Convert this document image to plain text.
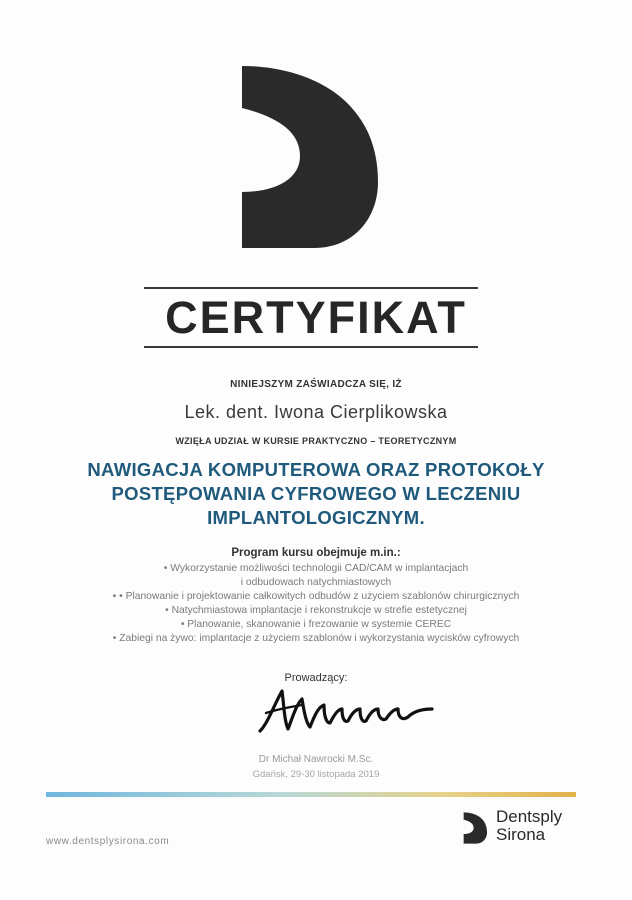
CERTYFIKAT
NINIEJSZYM ZAŚWIADCZA SIĘ, IŻ
Lek. dent. Iwona Cierplikowska
WZIĘŁA UDZIAŁ W KURSIE PRAKTYCZNO – TEORETYCZNYM
NAWIGACJA KOMPUTEROWA ORAZ PROTOKOŁY
POSTĘPOWANIA CYFROWEGO W LECZENIU
IMPLANTOLOGICZNYM.
Program kursu obejmuje m.in.:
• Wykorzystanie możliwości technologii CAD/CAM w implantacjach
i odbudowach natychmiastowych
• • Planowanie i projektowanie całkowitych odbudów z użyciem szablonów chirurgicznych
• Natychmiastowa implantacje i rekonstrukcje w strefie estetycznej
• Planowanie, skanowanie i frezowanie w systemie CEREC
• Zabiegi na żywo: implantacje z użyciem szablonów i wykorzystania wycisków cyfrowych
Prowadzący:
Dr Michał Nawrocki M.Sc.
Gdańsk, 29-30 listopada 2019
www.dentsplysirona.com
Dentsply
Sirona
